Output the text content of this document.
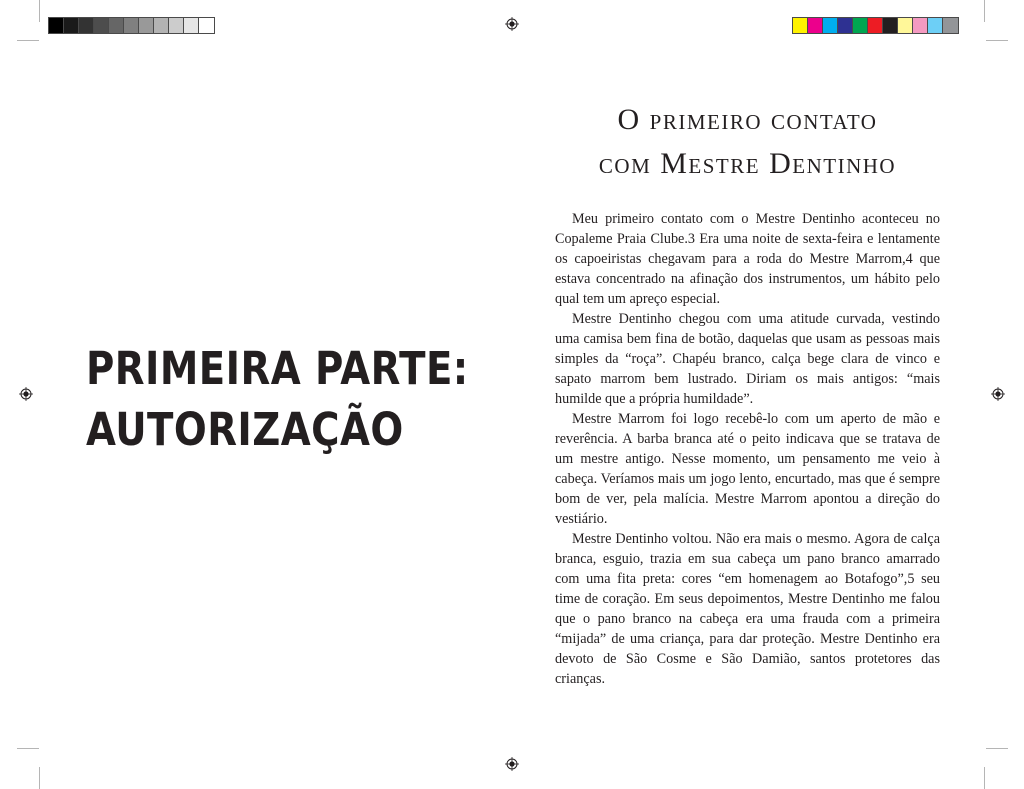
PRIMEIRA PARTE:
AUTORIZAÇÃO
O primeiro contato
com Mestre Dentinho

Meu primeiro contato com o Mestre Dentinho aconteceu no Copaleme Praia Clube.3 Era uma noite de sexta-feira e lentamente os capoeiristas chegavam para a roda do Mestre Marrom,4 que estava concentrado na afinação dos instrumentos, um hábito pelo qual tem um apreço especial.

Mestre Dentinho chegou com uma atitude curvada, vestindo uma camisa bem fina de botão, daquelas que usam as pessoas mais simples da “roça”. Chapéu branco, calça bege clara de vinco e sapato marrom bem lustrado. Diriam os mais antigos: “mais humilde que a própria humildade”.

Mestre Marrom foi logo recebê-lo com um aperto de mão e reverência. A barba branca até o peito indicava que se tratava de um mestre antigo. Nesse momento, um pensamento me veio à cabeça. Veríamos mais um jogo lento, encurtado, mas que é sempre bom de ver, pela malícia. Mestre Marrom apontou a direção do vestiário.

Mestre Dentinho voltou. Não era mais o mesmo. Agora de calça branca, esguio, trazia em sua cabeça um pano branco amarrado com uma fita preta: cores “em homenagem ao Botafogo”,5 seu time de coração. Em seus depoimentos, Mestre Dentinho me falou que o pano branco na cabeça era uma frauda com a primeira “mijada” de uma criança, para dar proteção. Mestre Dentinho era devoto de São Cosme e São Damião, santos protetores das crianças.
